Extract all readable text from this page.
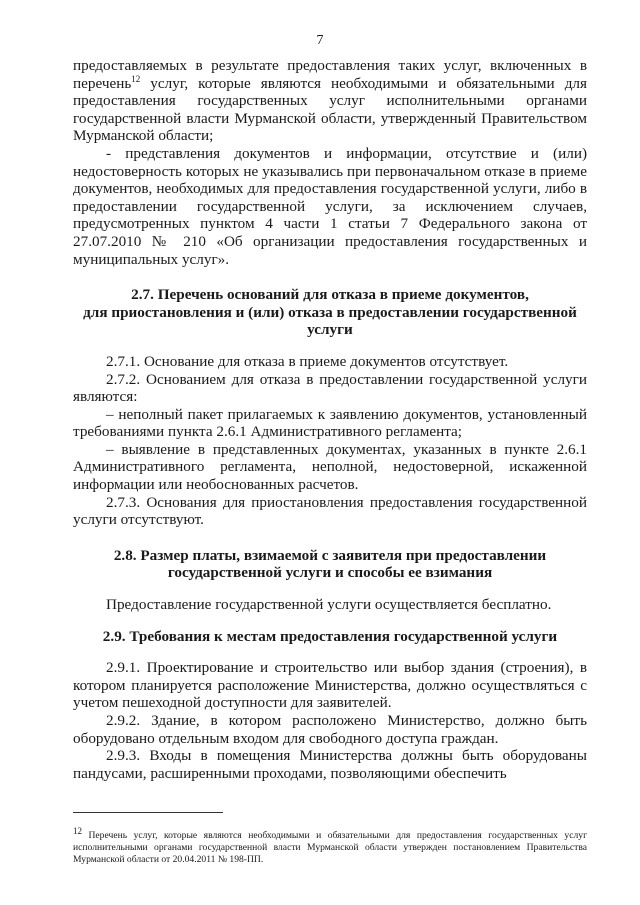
7

предоставляемых в результате предоставления таких услуг, включенных в перечень$^{12}$ услуг, которые являются необходимыми и обязательными для предоставления государственных услуг исполнительными органами государственной власти Мурманской области, утвержденный Правительством Мурманской области;

- представления документов и информации, отсутствие и (или) недостоверность которых не указывались при первоначальном отказе в приеме документов, необходимых для предоставления государственной услуги, либо в предоставлении государственной услуги, за исключением случаев, предусмотренных пунктом 4 части 1 статьи 7 Федерального закона от 27.07.2010 № 210 «Об организации предоставления государственных и муниципальных услуг».

2.7. Перечень оснований для отказа в приеме документов,

для приостановления и (или) отказа в предоставлении государственной

услуги

2.7.1. Основание для отказа в приеме документов отсутствует.

2.7.2. Основанием для отказа в предоставлении государственной услуги являются:

– неполный пакет прилагаемых к заявлению документов, установленный требованиями пункта 2.6.1 Административного регламента;

– выявление в представленных документах, указанных в пункте 2.6.1 Административного регламента, неполной, недостоверной, искаженной информации или необоснованных расчетов.

2.7.3. Основания для приостановления предоставления государственной услуги отсутствуют.

2.8. Размер платы, взимаемой с заявителя при предоставлении

государственной услуги и способы ее взимания

Предоставление государственной услуги осуществляется бесплатно.

2.9. Требования к местам предоставления государственной услуги

2.9.1. Проектирование и строительство или выбор здания (строения), в котором планируется расположение Министерства, должно осуществляться с учетом пешеходной доступности для заявителей.

2.9.2. Здание, в котором расположено Министерство, должно быть оборудовано отдельным входом для свободного доступа граждан.

2.9.3. Входы в помещения Министерства должны быть оборудованы пандусами, расширенными проходами, позволяющими обеспечить

$^{12}$ Перечень услуг, которые являются необходимыми и обязательными для предоставления государственных услуг исполнительными органами государственной власти Мурманской области утвержден постановлением Правительства Мурманской области от 20.04.2011 № 198-ПП.
